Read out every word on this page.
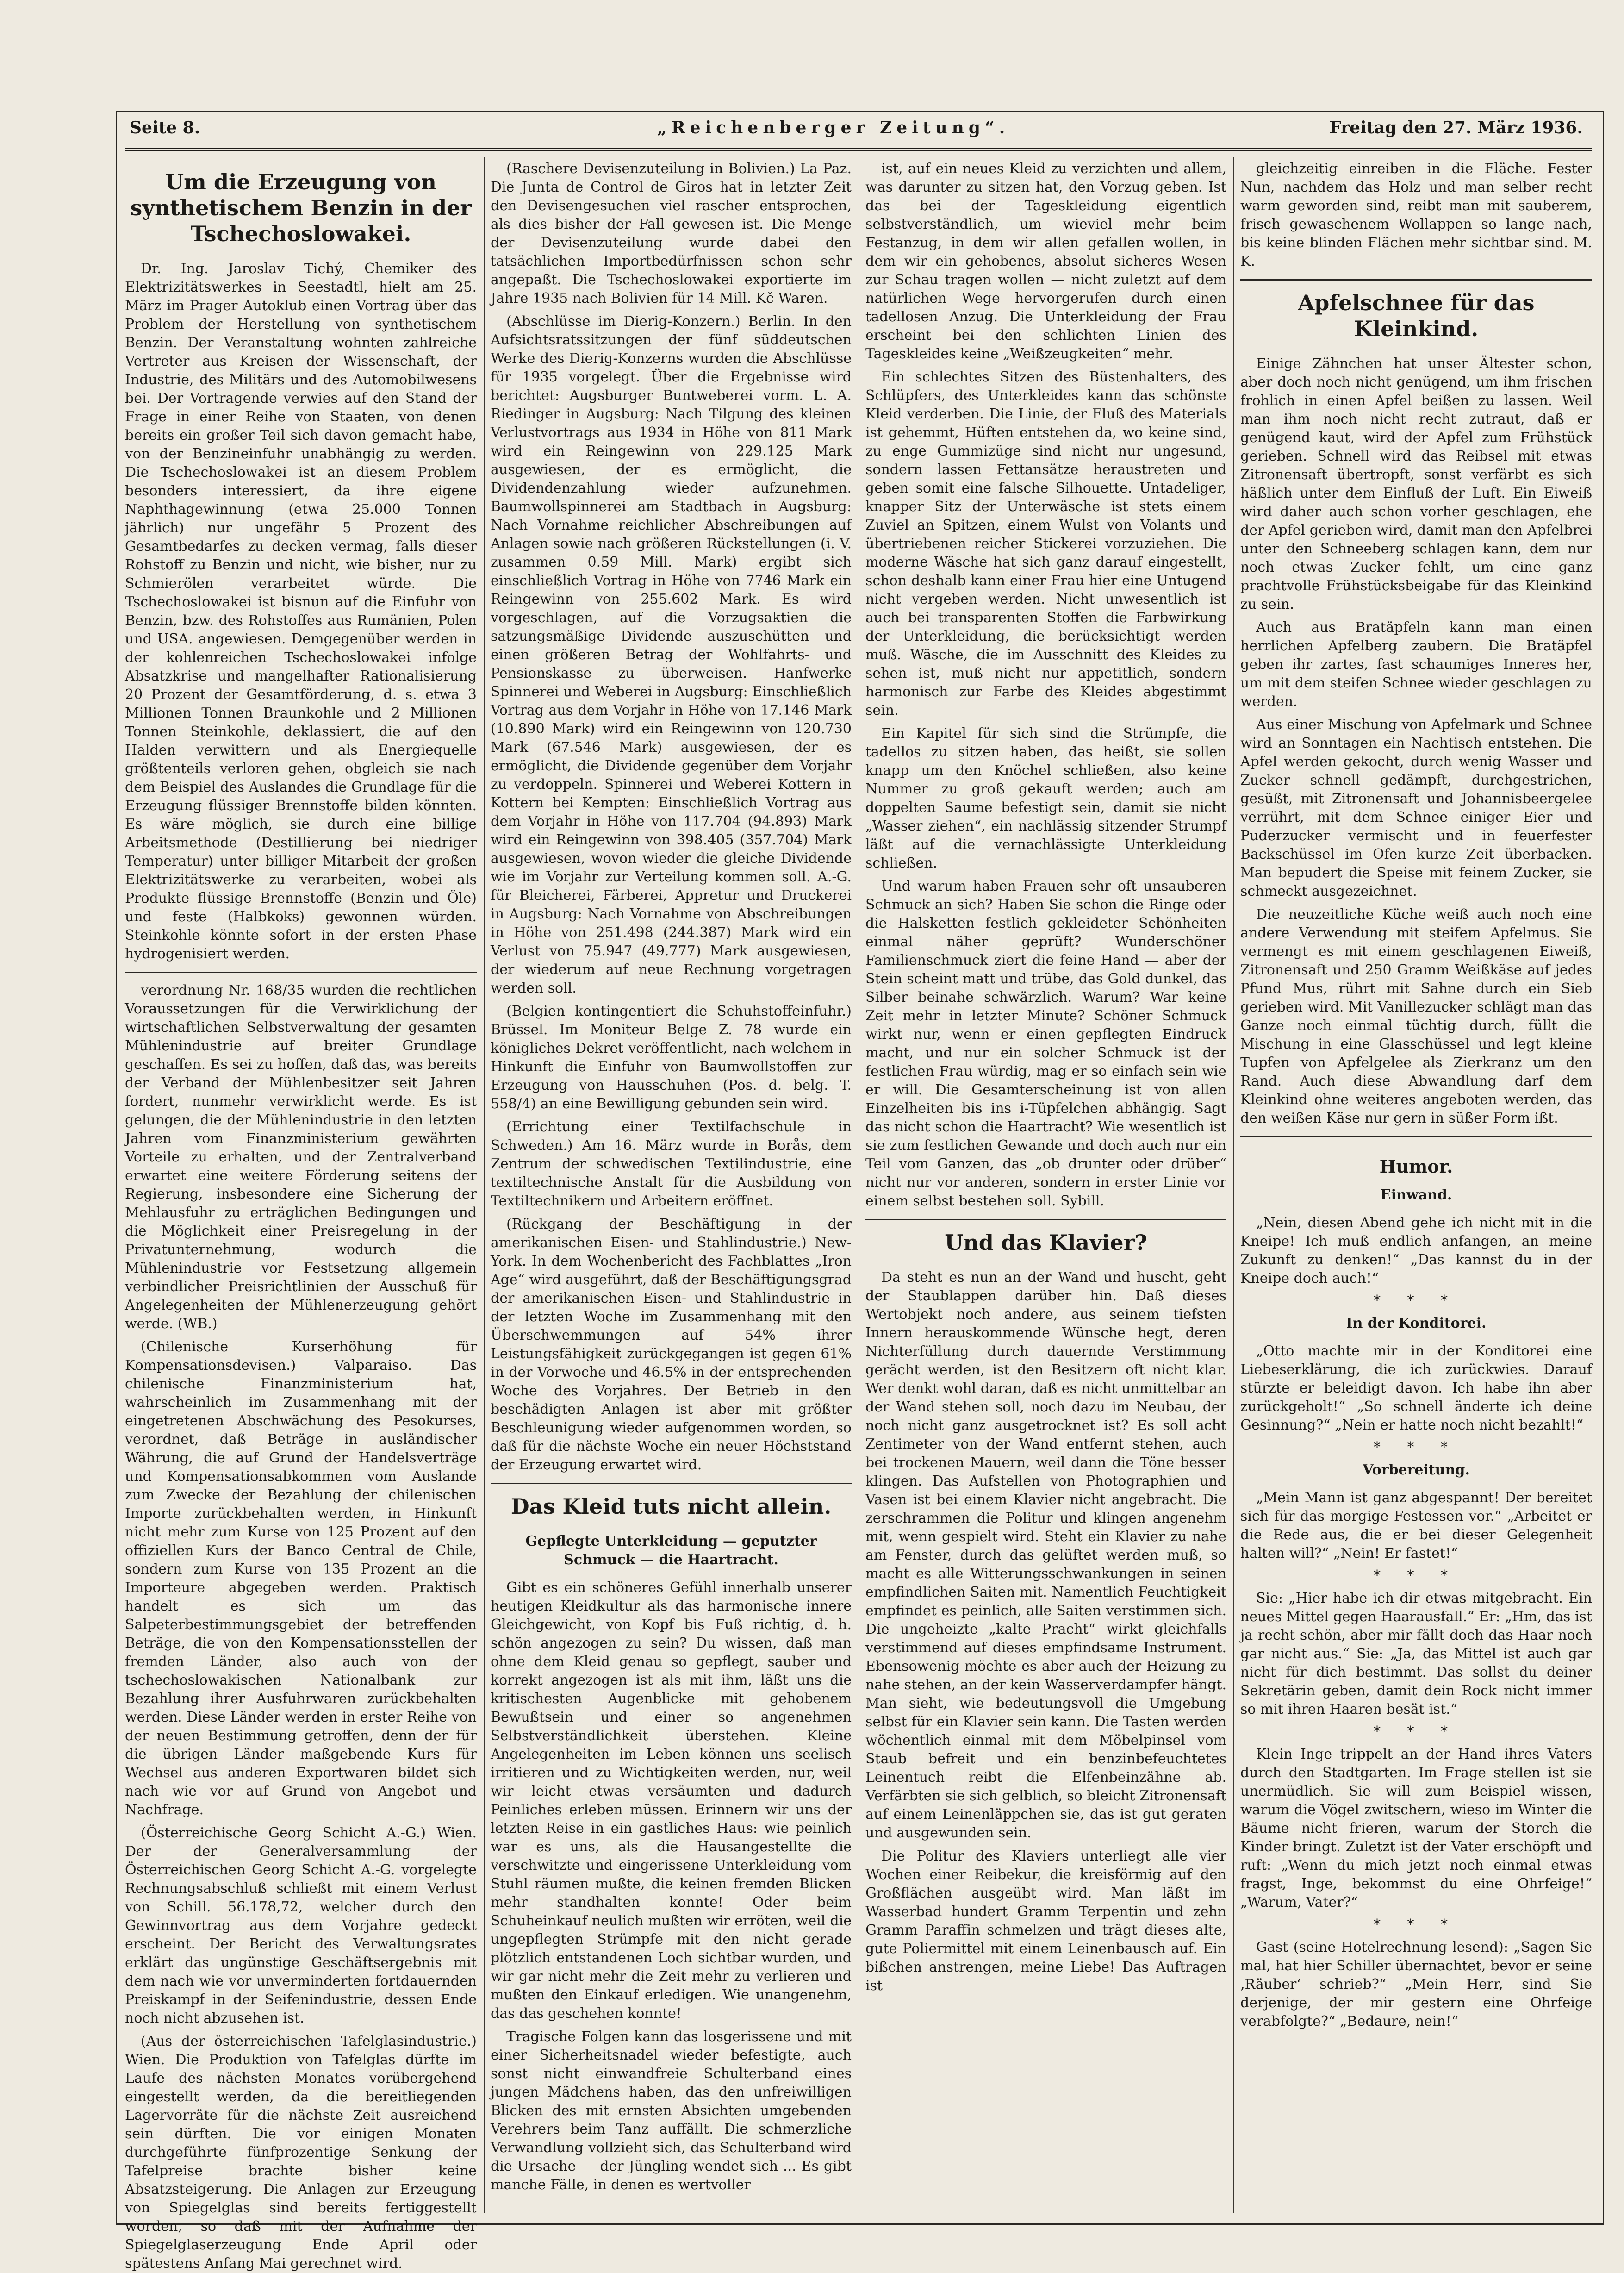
Seite 8.	„Reichenberger Zeitung“.	Freitag den 27. März 1936.
Um die Erzeugung von synthetischem Benzin in der Tschechoslowakei.

Dr. Ing. Jaroslav Tichý, Chemiker des Elektrizitätswerkes in Seestadtl, hielt am 25. März im Prager Autoklub einen Vortrag über das Problem der Herstellung von synthetischem Benzin. Der Veranstaltung wohnten zahlreiche Vertreter aus Kreisen der Wissenschaft, der Industrie, des Militärs und des Automobilwesens bei. Der Vortragende verwies auf den Stand der Frage in einer Reihe von Staaten, von denen bereits ein großer Teil sich davon gemacht habe, von der Benzineinfuhr unabhängig zu werden. Die Tschechoslowakei ist an diesem Problem besonders interessiert, da ihre eigene Naphthagewinnung (etwa 25.000 Tonnen jährlich) nur ungefähr 5 Prozent des Gesamtbedarfes zu decken vermag, falls dieser Rohstoff zu Benzin und nicht, wie bisher, nur zu Schmierölen verarbeitet würde. Die Tschechoslowakei ist bisnun auf die Einfuhr von Benzin, bzw. des Rohstoffes aus Rumänien, Polen und USA. angewiesen. Demgegenüber werden in der kohlenreichen Tschechoslowakei infolge Absatzkrise und mangelhafter Rationalisierung 20 Prozent der Gesamtförderung, d. s. etwa 3 Millionen Tonnen Braunkohle und 2 Millionen Tonnen Steinkohle, deklassiert, die auf den Halden verwittern und als Energiequelle größtenteils verloren gehen, obgleich sie nach dem Beispiel des Auslandes die Grundlage für die Erzeugung flüssiger Brennstoffe bilden könnten. Es wäre möglich, sie durch eine billige Arbeitsmethode (Destillierung bei niedriger Temperatur) unter billiger Mitarbeit der großen Elektrizitätswerke zu verarbeiten, wobei als Produkte flüssige Brennstoffe (Benzin und Öle) und feste (Halbkoks) gewonnen würden. Steinkohle könnte sofort in der ersten Phase hydrogenisiert werden.

verordnung Nr. 168/35 wurden die rechtlichen Voraussetzungen für die Verwirklichung der wirtschaftlichen Selbstverwaltung der gesamten Mühlenindustrie auf breiter Grundlage geschaffen. Es sei zu hoffen, daß das, was bereits der Verband der Mühlenbesitzer seit Jahren fordert, nunmehr verwirklicht werde. Es ist gelungen, die der Mühlenindustrie in den letzten Jahren vom Finanzministerium gewährten Vorteile zu erhalten, und der Zentralverband erwartet eine weitere Förderung seitens der Regierung, insbesondere eine Sicherung der Mehlausfuhr zu erträglichen Bedingungen und die Möglichkeit einer Preisregelung in der Privatunternehmung, wodurch die Mühlenindustrie vor Festsetzung allgemein verbindlicher Preisrichtlinien der Ausschuß für Angelegenheiten der Mühlenerzeugung gehört werde. (WB.)

(Chilenische Kurserhöhung für Kompensationsdevisen.) Valparaiso. Das chilenische Finanzministerium hat, wahrscheinlich im Zusammenhang mit der eingetretenen Abschwächung des Pesokurses, verordnet, daß Beträge in ausländischer Währung, die auf Grund der Handelsverträge und Kompensationsabkommen vom Auslande zum Zwecke der Bezahlung der chilenischen Importe zurückbehalten werden, in Hinkunft nicht mehr zum Kurse von 125 Prozent auf den offiziellen Kurs der Banco Central de Chile, sondern zum Kurse von 135 Prozent an die Importeure abgegeben werden. Praktisch handelt es sich um das Salpeterbestimmungsgebiet der betreffenden Beträge, die von den Kompensationsstellen der fremden Länder, also auch von der tschechoslowakischen Nationalbank zur Bezahlung ihrer Ausfuhrwaren zurückbehalten werden. Diese Länder werden in erster Reihe von der neuen Bestimmung getroffen, denn der für die übrigen Länder maßgebende Kurs für Wechsel aus anderen Exportwaren bildet sich nach wie vor auf Grund von Angebot und Nachfrage.

(Österreichische Georg Schicht A.-G.) Wien. Der der Generalversammlung der Österreichischen Georg Schicht A.-G. vorgelegte Rechnungsabschluß schließt mit einem Verlust von Schill. 56.178,72, welcher durch den Gewinnvortrag aus dem Vorjahre gedeckt erscheint. Der Bericht des Verwaltungsrates erklärt das ungünstige Geschäftsergebnis mit dem nach wie vor unverminderten fortdauernden Preiskampf in der Seifenindustrie, dessen Ende noch nicht abzusehen ist.

(Aus der österreichischen Tafelglasindustrie.) Wien. Die Produktion von Tafelglas dürfte im Laufe des nächsten Monates vorübergehend eingestellt werden, da die bereitliegenden Lagervorräte für die nächste Zeit ausreichend sein dürften. Die vor einigen Monaten durchgeführte fünfprozentige Senkung der Tafelpreise brachte bisher keine Absatzsteigerung. Die Anlagen zur Erzeugung von Spiegelglas sind bereits fertiggestellt worden, so daß mit der Aufnahme der Spiegelglaserzeugung Ende April oder spätestens Anfang Mai gerechnet wird.

(Raschere Devisenzuteilung in Bolivien.) La Paz. Die Junta de Control de Giros hat in letzter Zeit den Devisengesuchen viel rascher entsprochen, als dies bisher der Fall gewesen ist. Die Menge der Devisenzuteilung wurde dabei den tatsächlichen Importbedürfnissen schon sehr angepaßt. Die Tschechoslowakei exportierte im Jahre 1935 nach Bolivien für 14 Mill. Kč Waren.

(Abschlüsse im Dierig-Konzern.) Berlin. In den Aufsichtsratssitzungen der fünf süddeutschen Werke des Dierig-Konzerns wurden die Abschlüsse für 1935 vorgelegt. Über die Ergebnisse wird berichtet: Augsburger Buntweberei vorm. L. A. Riedinger in Augsburg: Nach Tilgung des kleinen Verlustvortrags aus 1934 in Höhe von 811 Mark wird ein Reingewinn von 229.125 Mark ausgewiesen, der es ermöglicht, die Dividendenzahlung wieder aufzunehmen. Baumwollspinnerei am Stadtbach in Augsburg: Nach Vornahme reichlicher Abschreibungen auf Anlagen sowie nach größeren Rückstellungen (i. V. zusammen 0.59 Mill. Mark) ergibt sich einschließlich Vortrag in Höhe von 7746 Mark ein Reingewinn von 255.602 Mark. Es wird vorgeschlagen, auf die Vorzugsaktien die satzungsmäßige Dividende auszuschütten und einen größeren Betrag der Wohlfahrts- und Pensionskasse zu überweisen. Hanfwerke Spinnerei und Weberei in Augsburg: Einschließlich Vortrag aus dem Vorjahr in Höhe von 17.146 Mark (10.890 Mark) wird ein Reingewinn von 120.730 Mark (67.546 Mark) ausgewiesen, der es ermöglicht, die Dividende gegenüber dem Vorjahr zu verdoppeln. Spinnerei und Weberei Kottern in Kottern bei Kempten: Einschließlich Vortrag aus dem Vorjahr in Höhe von 117.704 (94.893) Mark wird ein Reingewinn von 398.405 (357.704) Mark ausgewiesen, wovon wieder die gleiche Dividende wie im Vorjahr zur Verteilung kommen soll. A.-G. für Bleicherei, Färberei, Appretur und Druckerei in Augsburg: Nach Vornahme von Abschreibungen in Höhe von 251.498 (244.387) Mark wird ein Verlust von 75.947 (49.777) Mark ausgewiesen, der wiederum auf neue Rechnung vorgetragen werden soll.

(Belgien kontingentiert die Schuhstoffeinfuhr.) Brüssel. Im Moniteur Belge Z. 78 wurde ein königliches Dekret veröffentlicht, nach welchem in Hinkunft die Einfuhr von Baumwollstoffen zur Erzeugung von Hausschuhen (Pos. d. belg. T. 558/4) an eine Bewilligung gebunden sein wird.

(Errichtung einer Textilfachschule in Schweden.) Am 16. März wurde in Borås, dem Zentrum der schwedischen Textilindustrie, eine textiltechnische Anstalt für die Ausbildung von Textiltechnikern und Arbeitern eröffnet.

(Rückgang der Beschäftigung in der amerikanischen Eisen- und Stahlindustrie.) New-York. In dem Wochenbericht des Fachblattes „Iron Age“ wird ausgeführt, daß der Beschäftigungsgrad der amerikanischen Eisen- und Stahlindustrie in der letzten Woche im Zusammenhang mit den Überschwemmungen auf 54% ihrer Leistungsfähigkeit zurückgegangen ist gegen 61% in der Vorwoche und 46.5% in der entsprechenden Woche des Vorjahres. Der Betrieb in den beschädigten Anlagen ist aber mit größter Beschleunigung wieder aufgenommen worden, so daß für die nächste Woche ein neuer Höchststand der Erzeugung erwartet wird.

Das Kleid tuts nicht allein.
Gepflegte Unterkleidung — geputzter Schmuck — die Haartracht.

Gibt es ein schöneres Gefühl innerhalb unserer heutigen Kleidkultur als das harmonische innere Gleichgewicht, von Kopf bis Fuß richtig, d. h. schön angezogen zu sein? Du wissen, daß man ohne dem Kleid genau so gepflegt, sauber und korrekt angezogen ist als mit ihm, läßt uns die kritischesten Augenblicke mit gehobenem Bewußtsein und einer so angenehmen Selbstverständlichkeit überstehen. Kleine Angelegenheiten im Leben können uns seelisch irritieren und zu Wichtigkeiten werden, nur, weil wir leicht etwas versäumten und dadurch Peinliches erleben müssen. Erinnern wir uns der letzten Reise in ein gastliches Haus: wie peinlich war es uns, als die Hausangestellte die verschwitzte und eingerissene Unterkleidung vom Stuhl räumen mußte, die keinen fremden Blicken mehr standhalten konnte! Oder beim Schuheinkauf neulich mußten wir erröten, weil die ungepflegten Strümpfe mit den nicht gerade plötzlich entstandenen Loch sichtbar wurden, und wir gar nicht mehr die Zeit mehr zu verlieren und mußten den Einkauf erledigen. Wie unangenehm, das das geschehen konnte!

Tragische Folgen kann das losgerissene und mit einer Sicherheitsnadel wieder befestigte, auch sonst nicht einwandfreie Schulterband eines jungen Mädchens haben, das den unfreiwilligen Blicken des mit ernsten Absichten umgebenden Verehrers beim Tanz auffällt. Die schmerzliche Verwandlung vollzieht sich, das Schulterband wird die Ursache — der Jüngling wendet sich ... Es gibt manche Fälle, in denen es wertvoller

ist, auf ein neues Kleid zu verzichten und allem, was darunter zu sitzen hat, den Vorzug geben. Ist das bei der Tageskleidung eigentlich selbstverständlich, um wieviel mehr beim Festanzug, in dem wir allen gefallen wollen, in dem wir ein gehobenes, absolut sicheres Wesen zur Schau tragen wollen — nicht zuletzt auf dem natürlichen Wege hervorgerufen durch einen tadellosen Anzug. Die Unterkleidung der Frau erscheint bei den schlichten Linien des Tageskleides keine „Weißzeugkeiten“ mehr.

Ein schlechtes Sitzen des Büstenhalters, des Schlüpfers, des Unterkleides kann das schönste Kleid verderben. Die Linie, der Fluß des Materials ist gehemmt, Hüften entstehen da, wo keine sind, zu enge Gummizüge sind nicht nur ungesund, sondern lassen Fettansätze heraustreten und geben somit eine falsche Silhouette. Untadeliger, knapper Sitz der Unterwäsche ist stets einem Zuviel an Spitzen, einem Wulst von Volants und übertriebenen reicher Stickerei vorzuziehen. Die moderne Wäsche hat sich ganz darauf eingestellt, schon deshalb kann einer Frau hier eine Untugend nicht vergeben werden. Nicht unwesentlich ist auch bei transparenten Stoffen die Farbwirkung der Unterkleidung, die berücksichtigt werden muß. Wäsche, die im Ausschnitt des Kleides zu sehen ist, muß nicht nur appetitlich, sondern harmonisch zur Farbe des Kleides abgestimmt sein.

Ein Kapitel für sich sind die Strümpfe, die tadellos zu sitzen haben, das heißt, sie sollen knapp um den Knöchel schließen, also keine Nummer zu groß gekauft werden; auch am doppelten Saume befestigt sein, damit sie nicht „Wasser ziehen“, ein nachlässig sitzender Strumpf läßt auf die vernachlässigte Unterkleidung schließen.

Und warum haben Frauen sehr oft unsauberen Schmuck an sich? Haben Sie schon die Ringe oder die Halsketten festlich gekleideter Schönheiten einmal näher geprüft? Wunderschöner Familienschmuck ziert die feine Hand — aber der Stein scheint matt und trübe, das Gold dunkel, das Silber beinahe schwärzlich. Warum? War keine Zeit mehr in letzter Minute? Schöner Schmuck wirkt nur, wenn er einen gepflegten Eindruck macht, und nur ein solcher Schmuck ist der festlichen Frau würdig, mag er so einfach sein wie er will. Die Gesamterscheinung ist von allen Einzelheiten bis ins i-Tüpfelchen abhängig. Sagt das nicht schon die Haartracht? Wie wesentlich ist sie zum festlichen Gewande und doch auch nur ein Teil vom Ganzen, das „ob drunter oder drüber“ nicht nur vor anderen, sondern in erster Linie vor einem selbst bestehen soll. Sybill.

Und das Klavier?

Da steht es nun an der Wand und huscht, geht der Staublappen darüber hin. Daß dieses Wertobjekt noch andere, aus seinem tiefsten Innern herauskommende Wünsche hegt, deren Nichterfüllung durch dauernde Verstimmung gerächt werden, ist den Besitzern oft nicht klar. Wer denkt wohl daran, daß es nicht unmittelbar an der Wand stehen soll, noch dazu im Neubau, der noch nicht ganz ausgetrocknet ist? Es soll acht Zentimeter von der Wand entfernt stehen, auch bei trockenen Mauern, weil dann die Töne besser klingen. Das Aufstellen von Photographien und Vasen ist bei einem Klavier nicht angebracht. Die zerschrammen die Politur und klingen angenehm mit, wenn gespielt wird. Steht ein Klavier zu nahe am Fenster, durch das gelüftet werden muß, so macht es alle Witterungsschwankungen in seinen empfindlichen Saiten mit. Namentlich Feuchtigkeit empfindet es peinlich, alle Saiten verstimmen sich. Die ungeheizte „kalte Pracht“ wirkt gleichfalls verstimmend auf dieses empfindsame Instrument. Ebensowenig möchte es aber auch der Heizung zu nahe stehen, an der kein Wasserverdampfer hängt. Man sieht, wie bedeutungsvoll die Umgebung selbst für ein Klavier sein kann. Die Tasten werden wöchentlich einmal mit dem Möbelpinsel vom Staub befreit und ein benzinbefeuchtetes Leinentuch reibt die Elfenbeinzähne ab. Verfärbten sie sich gelblich, so bleicht Zitronensaft auf einem Leinenläppchen sie, das ist gut geraten und ausgewunden sein.

Die Politur des Klaviers unterliegt alle vier Wochen einer Reibekur, die kreisförmig auf den Großflächen ausgeübt wird. Man läßt im Wasserbad hundert Gramm Terpentin und zehn Gramm Paraffin schmelzen und trägt dieses alte, gute Poliermittel mit einem Leinenbausch auf. Ein bißchen anstrengen, meine Liebe! Das Auftragen ist

gleichzeitig einreiben in die Fläche. Fester Nun, nachdem das Holz und man selber recht warm geworden sind, reibt man mit sauberem, frisch gewaschenem Wollappen so lange nach, bis keine blinden Flächen mehr sichtbar sind. M. K.

Apfelschnee für das Kleinkind.

Einige Zähnchen hat unser Ältester schon, aber doch noch nicht genügend, um ihm frischen frohlich in einen Apfel beißen zu lassen. Weil man ihm noch nicht recht zutraut, daß er genügend kaut, wird der Apfel zum Frühstück gerieben. Schnell wird das Reibsel mit etwas Zitronensaft übertropft, sonst verfärbt es sich häßlich unter dem Einfluß der Luft. Ein Eiweiß wird daher auch schon vorher geschlagen, ehe der Apfel gerieben wird, damit man den Apfelbrei unter den Schneeberg schlagen kann, dem nur noch etwas Zucker fehlt, um eine ganz prachtvolle Frühstücksbeigabe für das Kleinkind zu sein.

Auch aus Bratäpfeln kann man einen herrlichen Apfelberg zaubern. Die Bratäpfel geben ihr zartes, fast schaumiges Inneres her, um mit dem steifen Schnee wieder geschlagen zu werden.

Aus einer Mischung von Apfelmark und Schnee wird an Sonntagen ein Nachtisch entstehen. Die Apfel werden gekocht, durch wenig Wasser und Zucker schnell gedämpft, durchgestrichen, gesüßt, mit Zitronensaft und Johannisbeergelee verrührt, mit dem Schnee einiger Eier und Puderzucker vermischt und in feuerfester Backschüssel im Ofen kurze Zeit überbacken. Man bepudert die Speise mit feinem Zucker, sie schmeckt ausgezeichnet.

Die neuzeitliche Küche weiß auch noch eine andere Verwendung mit steifem Apfelmus. Sie vermengt es mit einem geschlagenen Eiweiß, Zitronensaft und 250 Gramm Weißkäse auf jedes Pfund Mus, rührt mit Sahne durch ein Sieb gerieben wird. Mit Vanillezucker schlägt man das Ganze noch einmal tüchtig durch, füllt die Mischung in eine Glasschüssel und legt kleine Tupfen von Apfelgelee als Zierkranz um den Rand. Auch diese Abwandlung darf dem Kleinkind ohne weiteres angeboten werden, das den weißen Käse nur gern in süßer Form ißt.

Humor.
Einwand.

„Nein, diesen Abend gehe ich nicht mit in die Kneipe! Ich muß endlich anfangen, an meine Zukunft zu denken!“ „Das kannst du in der Kneipe doch auch!“

* * *
In der Konditorei.

„Otto machte mir in der Konditorei eine Liebeserklärung, die ich zurückwies. Darauf stürzte er beleidigt davon. Ich habe ihn aber zurückgeholt!“ „So schnell änderte ich deine Gesinnung?“ „Nein er hatte noch nicht bezahlt!“

* * *
Vorbereitung.

„Mein Mann ist ganz abgespannt! Der bereitet sich für das morgige Festessen vor.“ „Arbeitet er die Rede aus, die er bei dieser Gelegenheit halten will?“ „Nein! Er fastet!“

* * *

Sie: „Hier habe ich dir etwas mitgebracht. Ein neues Mittel gegen Haarausfall.“ Er: „Hm, das ist ja recht schön, aber mir fällt doch das Haar noch gar nicht aus.“ Sie: „Ja, das Mittel ist auch gar nicht für dich bestimmt. Das sollst du deiner Sekretärin geben, damit dein Rock nicht immer so mit ihren Haaren besät ist.“

* * *

Klein Inge trippelt an der Hand ihres Vaters durch den Stadtgarten. Im Frage stellen ist sie unermüdlich. Sie will zum Beispiel wissen, warum die Vögel zwitschern, wieso im Winter die Bäume nicht frieren, warum der Storch die Kinder bringt. Zuletzt ist der Vater erschöpft und ruft: „Wenn du mich jetzt noch einmal etwas fragst, Inge, bekommst du eine Ohrfeige!“ „Warum, Vater?“

* * *

Gast (seine Hotelrechnung lesend): „Sagen Sie mal, hat hier Schiller übernachtet, bevor er seine ‚Räuber‘ schrieb?“ „Mein Herr, sind Sie derjenige, der mir gestern eine Ohrfeige verabfolgte?“ „Bedaure, nein!“
